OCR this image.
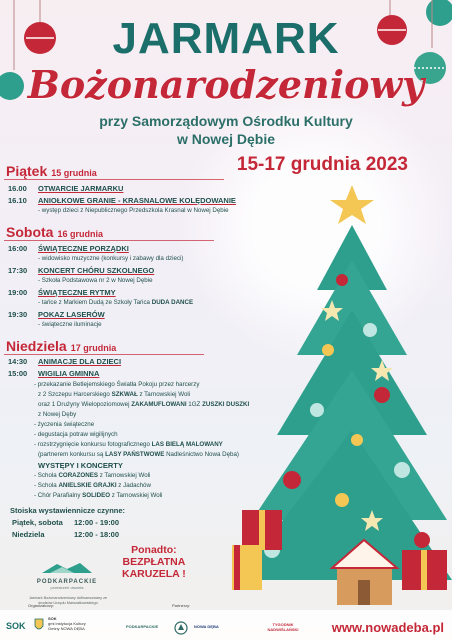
JARMARK
Bożonarodzeniowy
przy Samorządowym Ośrodku Kultury
w Nowej Dębie
15-17 grudnia 2023
Piątek 15 grudnia
16.00 OTWARCIE JARMARKU
16.10 ANIOŁKOWE GRANIE - KRASNALOWE KOLĘDOWANIE
- występ dzieci z Niepublicznego Przedszkola Krasnal w Nowej Dębie
Sobota 16 grudnia
16:00 ŚWIĄTECZNE PORZĄDKI
- widowisko muzyczne (konkursy i zabawy dla dzieci)
17:30 KONCERT CHÓRU SZKOLNEGO
- Szkoła Podstawowa nr 2 w Nowej Dębie
19:00 ŚWIĄTECZNE RYTMY
- tańce z Markiem Dudą ze Szkoły Tańca DUDA DANCE
19:30 POKAZ LASERÓW
- świąteczne iluminacje
Niedziela 17 grudnia
14:30 ANIMACJE DLA DZIECI
15:00 WIGILIA GMINNA
- przekazanie Betlejemskiego Światła Pokoju przez harcerzy
z 2 Szczepu Harcerskiego SZKWAŁ z Tarnowskiej Woli
oraz 1 Drużyny Wielopoziomowej ZAKAMUFLOWANI 1GZ ZUSZKI DUSZKI
z Nowej Dęby
- życzenia świąteczne
- degustacja potraw wigilijnych
- rozstrzygnięcie konkursu fotograficznego LAS BIELĄ MALOWANY
(partnerem konkursu są LASY PAŃSTWOWE Nadleśnictwo Nowa Dęba)
WYSTĘPY I KONCERTY
- Schola CORAZONES z Tarnowskiej Woli
- Schola ANIELSKIE GRAJKI z Jadachów
- Chór Parafialny SOLIDEO z Tarnowskiej Woli
Stoiska wystawiennicze czynne:
Piątek, sobota 12:00 - 19:00
Niedziela	12:00 - 18:00
Ponadto:
BEZPŁATNA
KARUZELA !
PODKARPACKIE
przestrzeń otwarta
Jarmark Bożonarodzeniowy dofinansowany ze środków Urzędu Marszałkowskiego
Organizatorzy:	Partnerzy:
SOK
SOK
gmi instytucja Kultury Gminy NOWA DĘBA	PODKARPACKIE	NOWA DĘBA	TYGODNIK NADWIŚLAŃSKI	www.nowadeba.pl
